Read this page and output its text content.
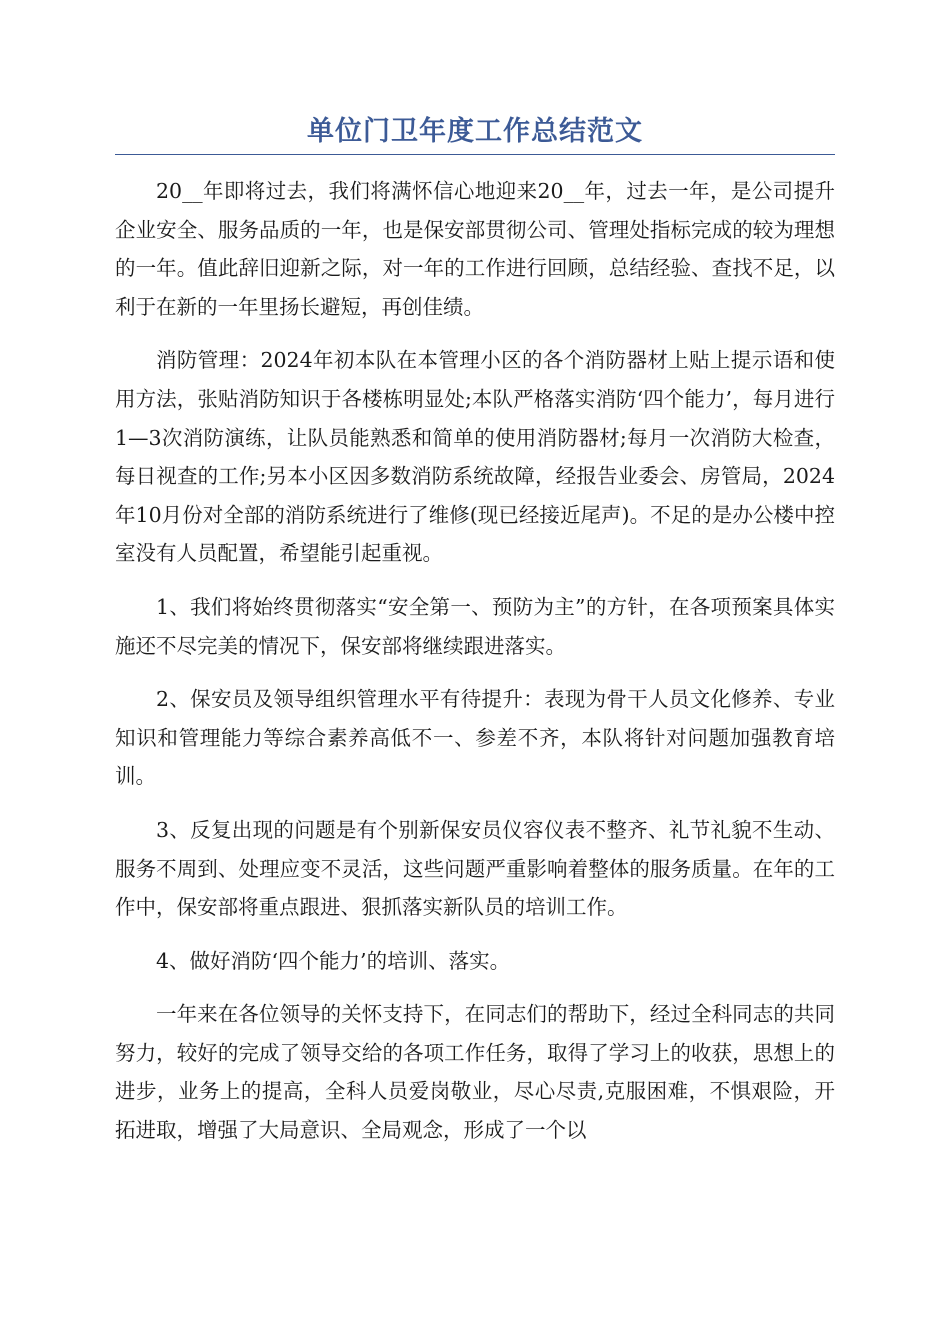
单位门卫年度工作总结范文

20__年即将过去，我们将满怀信心地迎来20__年，过去一年，是公司提升企业安全、服务品质的一年，也是保安部贯彻公司、管理处指标完成的较为理想的一年。值此辞旧迎新之际，对一年的工作进行回顾，总结经验、查找不足，以利于在新的一年里扬长避短，再创佳绩。

消防管理：2024年初本队在本管理小区的各个消防器材上贴上提示语和使用方法，张贴消防知识于各楼栋明显处;本队严格落实消防‘四个能力’，每月进行1—3次消防演练，让队员能熟悉和简单的使用消防器材;每月一次消防大检查，每日视查的工作;另本小区因多数消防系统故障，经报告业委会、房管局，2024年10月份对全部的消防系统进行了维修(现已经接近尾声)。不足的是办公楼中控室没有人员配置，希望能引起重视。

1、我们将始终贯彻落实“安全第一、预防为主”的方针，在各项预案具体实施还不尽完美的情况下，保安部将继续跟进落实。

2、保安员及领导组织管理水平有待提升：表现为骨干人员文化修养、专业知识和管理能力等综合素养高低不一、参差不齐，本队将针对问题加强教育培训。

3、反复出现的问题是有个别新保安员仪容仪表不整齐、礼节礼貌不生动、服务不周到、处理应变不灵活，这些问题严重影响着整体的服务质量。在年的工作中，保安部将重点跟进、狠抓落实新队员的培训工作。

4、做好消防‘四个能力’的培训、落实。

一年来在各位领导的关怀支持下，在同志们的帮助下，经过全科同志的共同努力，较好的完成了领导交给的各项工作任务，取得了学习上的收获，思想上的进步，业务上的提高，全科人员爱岗敬业，尽心尽责,克服困难，不惧艰险，开拓进取，增强了大局意识、全局观念，形成了一个以
